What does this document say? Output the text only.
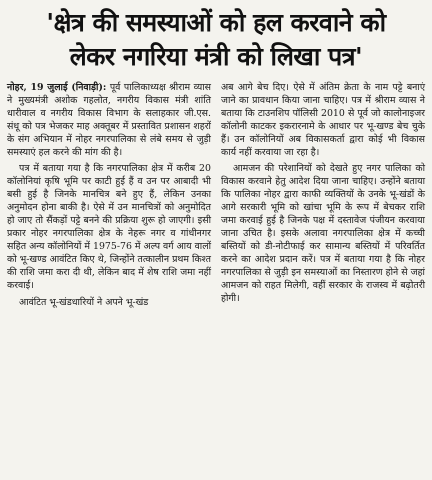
'क्षेत्र की समस्याओं को हल करवाने को
लेकर नगरिया मंत्री को लिखा पत्र'

नोहर, 19 जुलाई (निवाड़ी): पूर्व पालिकाध्यक्ष श्रीराम व्यास ने मुख्यमंत्री अशोक गहलोत, नगरीय विकास मंत्री शांति धारीवाल व नगरीय विकास विभाग के सलाहकार जी.एस. संधू को पत्र भेजकर माह अक्तूबर में प्रस्तावित प्रशासन शहरों के संग अभियान में नोहर नगरपालिका से लंबे समय से जुड़ी समस्याएं हल करने की मांग की है।

पत्र में बताया गया है कि नगरपालिका क्षेत्र में करीब 20 कॉलोनियां कृषि भूमि पर काटी हुई हैं व उन पर आबादी भी बसी हुई है जिनके मानचित्र बने हुए हैं, लेकिन उनका अनुमोदन होना बाकी है। ऐसे में उन मानचित्रों को अनुमोदित हो जाए तो सैंकड़ों पट्टे बनने की प्रक्रिया शुरू हो जाएगी। इसी प्रकार नोहर नगरपालिका क्षेत्र के नेहरू नगर व गांधीनगर सहित अन्य कॉलोनियों में 1975-76 में अल्प वर्ग आय वालों को भू-खण्ड आवंटित किए थे, जिन्होंने तत्कालीन प्रथम किश्त की राशि जमा करा दी थी, लेकिन बाद में शेष राशि जमा नहीं करवाई।

आवंटित भू-खंडधारियों ने अपने भू-खंड

अब आगे बेच दिए। ऐसे में अंतिम क्रेता के नाम पट्टे बनाएं जाने का प्रावधान किया जाना चाहिए। पत्र में श्रीराम व्यास ने बताया कि टाउनशिप पॉलिसी 2010 से पूर्व जो कालोनाइजर कॉलोनी काटकर इकरारनामे के आधार पर भू-खण्ड बेच चुके हैं। उन कॉलोनियों अब विकासकर्ता द्वारा कोई भी विकास कार्य नहीं करवाया जा रहा है।

आमजन की परेशानियों को देखते हुए नगर पालिका को विकास करवाने हेतु आदेश दिया जाना चाहिए। उन्होंने बताया कि पालिका नोहर द्वारा काफी व्यक्तियों के उनके भू-खंडों के आगे सरकारी भूमि को खांचा भूमि के रूप में बेचकर राशि जमा करवाई हुई है जिनके पक्ष में दस्तावेज पंजीयन करवाया जाना उचित है। इसके अलावा नगरपालिका क्षेत्र में कच्ची बस्तियों को डी-नोटीफाई कर सामान्य बस्तियों में परिवर्तित करने का आदेश प्रदान करें। पत्र में बताया गया है कि नोहर नगरपालिका से जुड़ी इन समस्याओं का निस्तारण होने से जहां आमजन को राहत मिलेगी, वहीं सरकार के राजस्व में बढ़ोतरी होगी।
